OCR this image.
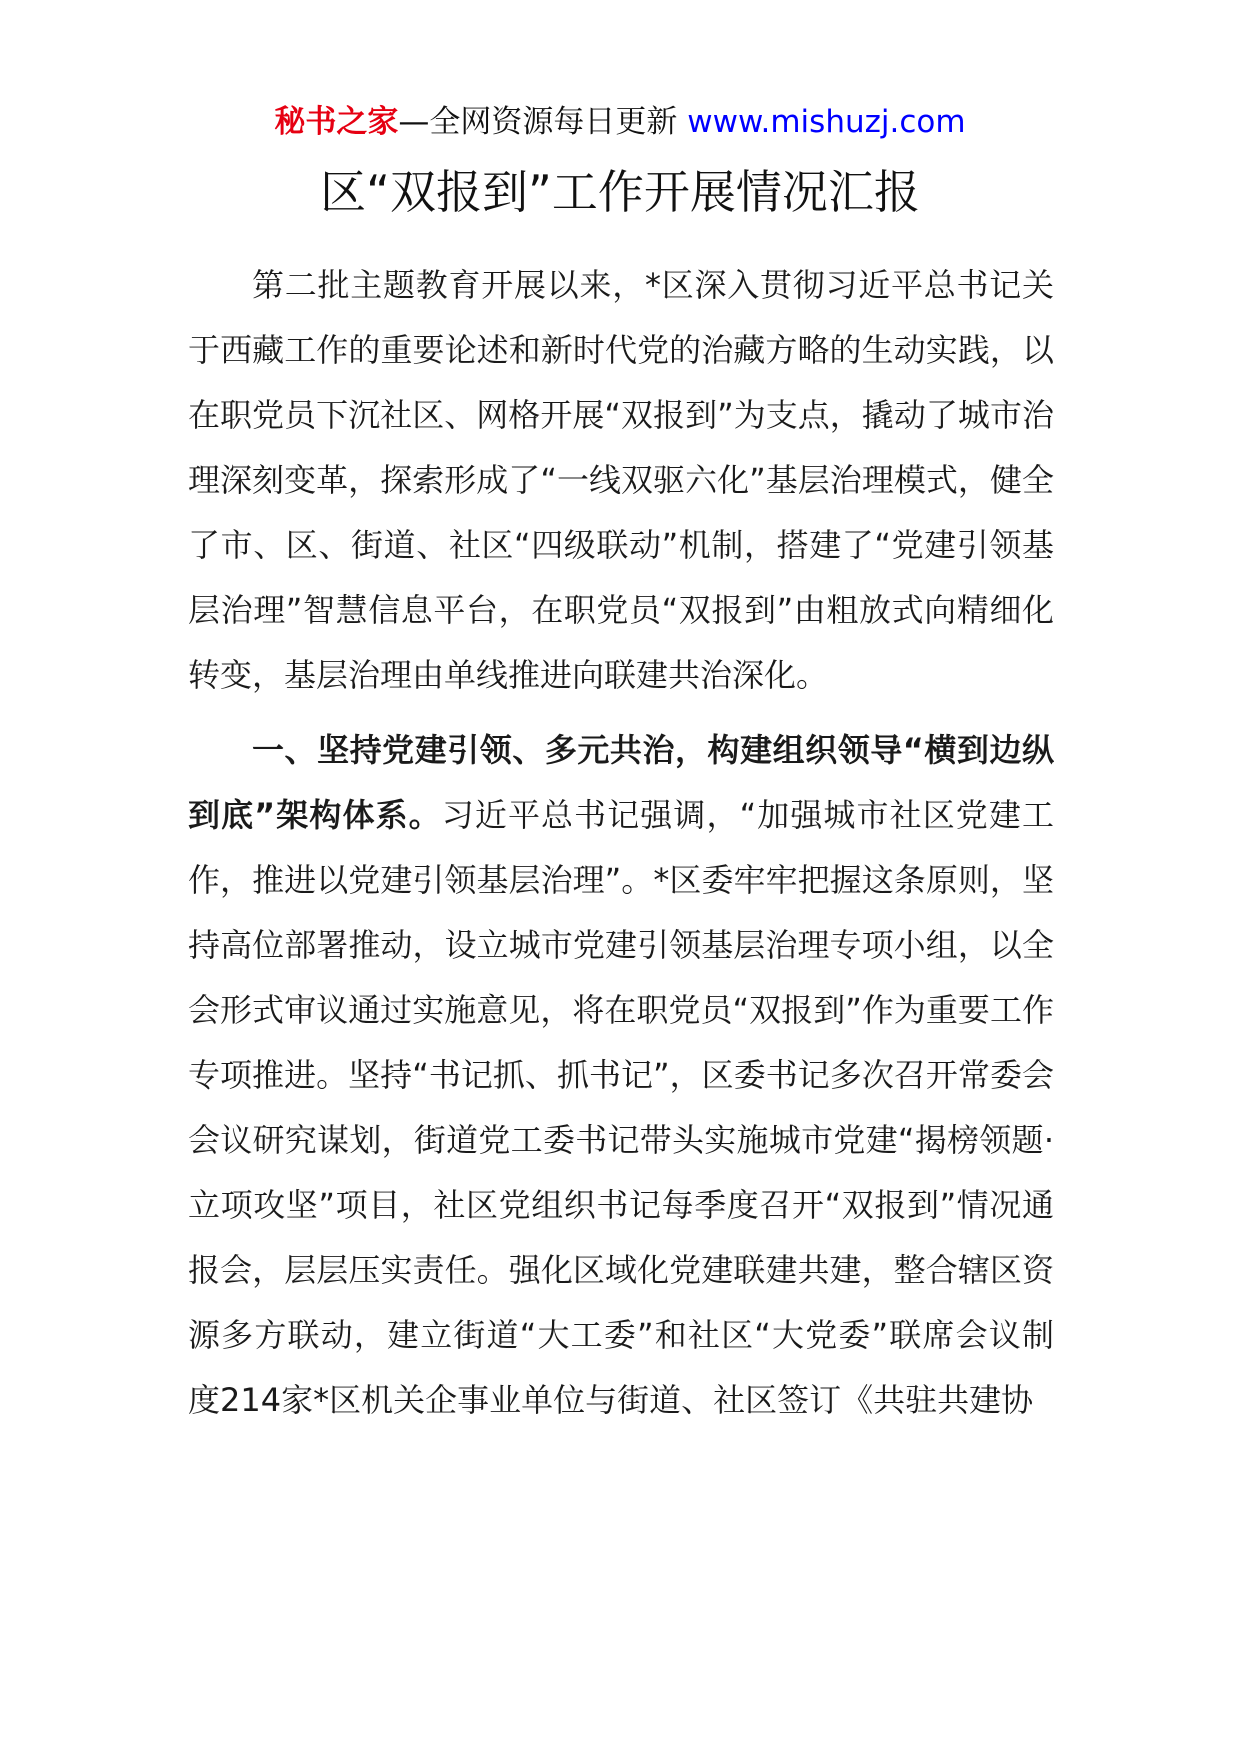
秘书之家—全网资源每日更新 www.mishuzj.com
区“双报到”工作开展情况汇报

第二批主题教育开展以来，*区深入贯彻习近平总书记关于西藏工作的重要论述和新时代党的治藏方略的生动实践，以在职党员下沉社区、网格开展“双报到”为支点，撬动了城市治理深刻变革，探索形成了“一线双驱六化”基层治理模式，健全了市、区、街道、社区“四级联动”机制，搭建了“党建引领基层治理”智慧信息平台，在职党员“双报到”由粗放式向精细化转变，基层治理由单线推进向联建共治深化。

一、坚持党建引领、多元共治，构建组织领导“横到边纵到底”架构体系。习近平总书记强调，“加强城市社区党建工作，推进以党建引领基层治理”。*区委牢牢把握这条原则，坚持高位部署推动，设立城市党建引领基层治理专项小组，以全会形式审议通过实施意见，将在职党员“双报到”作为重要工作专项推进。坚持“书记抓、抓书记”，区委书记多次召开常委会会议研究谋划，街道党工委书记带头实施城市党建“揭榜领题·立项攻坚”项目，社区党组织书记每季度召开“双报到”情况通报会，层层压实责任。强化区域化党建联建共建，整合辖区资源多方联动，建立街道“大工委”和社区“大党委”联席会议制度214家*区机关企事业单位与街道、社区签订《共驻共建协
